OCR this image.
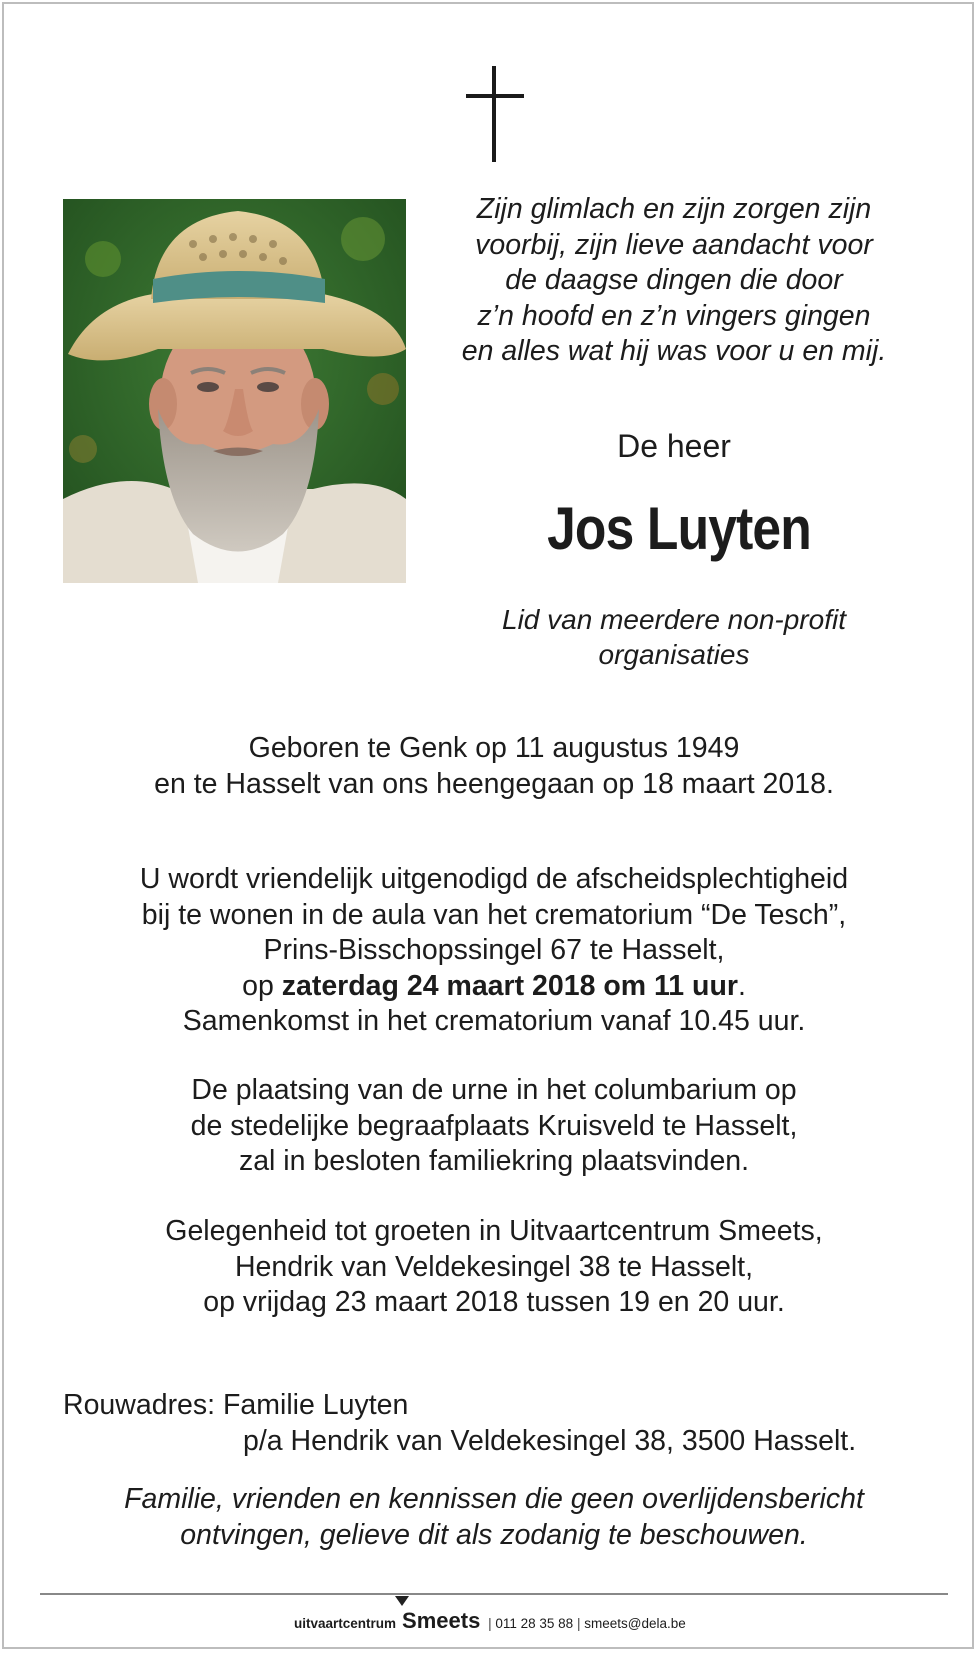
Zijn glimlach en zijn zorgen zijn
voorbij, zijn lieve aandacht voor
de daagse dingen die door
z’n hoofd en z’n vingers gingen
en alles wat hij was voor u en mij.
De heer
Jos Luyten
Lid van meerdere non-profit
organisaties
Geboren te Genk op 11 augustus 1949
en te Hasselt van ons heengegaan op 18 maart 2018.
U wordt vriendelijk uitgenodigd de afscheidsplechtigheid
bij te wonen in de aula van het crematorium “De Tesch”,
Prins-Bisschopssingel 67 te Hasselt,
op zaterdag 24 maart 2018 om 11 uur.
Samenkomst in het crematorium vanaf 10.45 uur.
De plaatsing van de urne in het columbarium op
de stedelijke begraafplaats Kruisveld te Hasselt,
zal in besloten familiekring plaatsvinden.
Gelegenheid tot groeten in Uitvaartcentrum Smeets,
Hendrik van Veldekesingel 38 te Hasselt,
op vrijdag 23 maart 2018 tussen 19 en 20 uur.
Rouwadres: Familie Luyten
p/a Hendrik van Veldekesingel 38, 3500 Hasselt.
Familie, vrienden en kennissen die geen overlijdensbericht
ontvingen, gelieve dit als zodanig te beschouwen.
uitvaartcentrum Smeets | 011 28 35 88 | smeets@dela.be
